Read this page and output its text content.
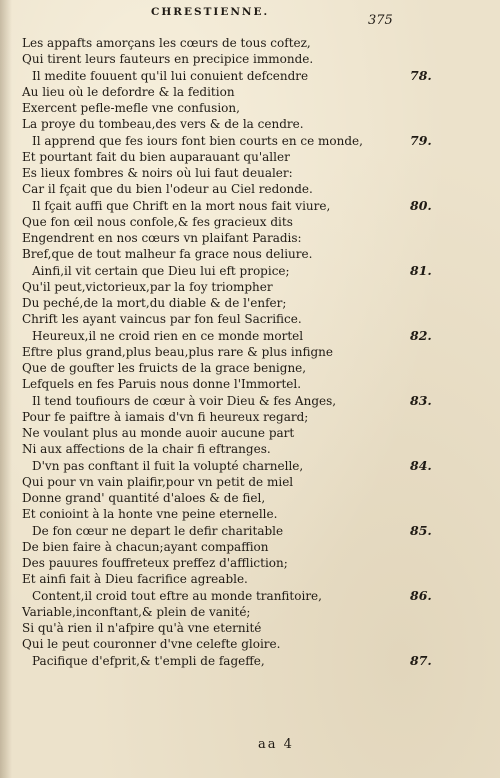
CHRESTIENNE.
375
Les appafts amorçans les cœurs de tous coftez,
Qui tirent leurs fauteurs en precipice immonde.
Il medite fouuent qu'il lui conuient defcendre
Au lieu où le defordre & la fedition
Exercent pefle-mefle vne confusion,
La proye du tombeau,des vers & de la cendre.
Il apprend que fes iours font bien courts en ce monde,
Et pourtant fait du bien auparauant qu'aller
Es lieux fombres & noirs où lui faut deualer:
Car il fçait que du bien l'odeur au Ciel redonde.
Il fçait auffi que Chrift en la mort nous fait viure,
Que fon œil nous confole,& fes gracieux dits
Engendrent en nos cœurs vn plaifant Paradis:
Bref,que de tout malheur fa grace nous deliure.
Ainfi,il vit certain que Dieu lui eft propice;
Qu'il peut,victorieux,par la foy triompher
Du peché,de la mort,du diable & de l'enfer;
Chrift les ayant vaincus par fon feul Sacrifice.
Heureux,il ne croid rien en ce monde mortel
Eftre plus grand,plus beau,plus rare & plus infigne
Que de goufter les fruicts de la grace benigne,
Lefquels en fes Paruis nous donne l'Immortel.
Il tend toufiours de cœur à voir Dieu & fes Anges,
Pour fe paiftre à iamais d'vn fi heureux regard;
Ne voulant plus au monde auoir aucune part
Ni aux affections de la chair fi eftranges.
D'vn pas conftant il fuit la volupté charnelle,
Qui pour vn vain plaifir,pour vn petit de miel
Donne grand' quantité d'aloes & de fiel,
Et conioint à la honte vne peine eternelle.
De fon cœur ne depart le defir charitable
De bien faire à chacun;ayant compaffion
Des pauures fouffreteux preffez d'affliction;
Et ainfi fait à Dieu facrifice agreable.
Content,il croid tout eftre au monde tranfitoire,
Variable,inconftant,& plein de vanité;
Si qu'à rien il n'afpire qu'à vne eternité
Qui le peut couronner d'vne celefte gloire.
Pacifique d'efprit,& t'empli de fageffe,
78.
79.
80.
81.
82.
83.
84.
85.
86.
87.
aa 4
